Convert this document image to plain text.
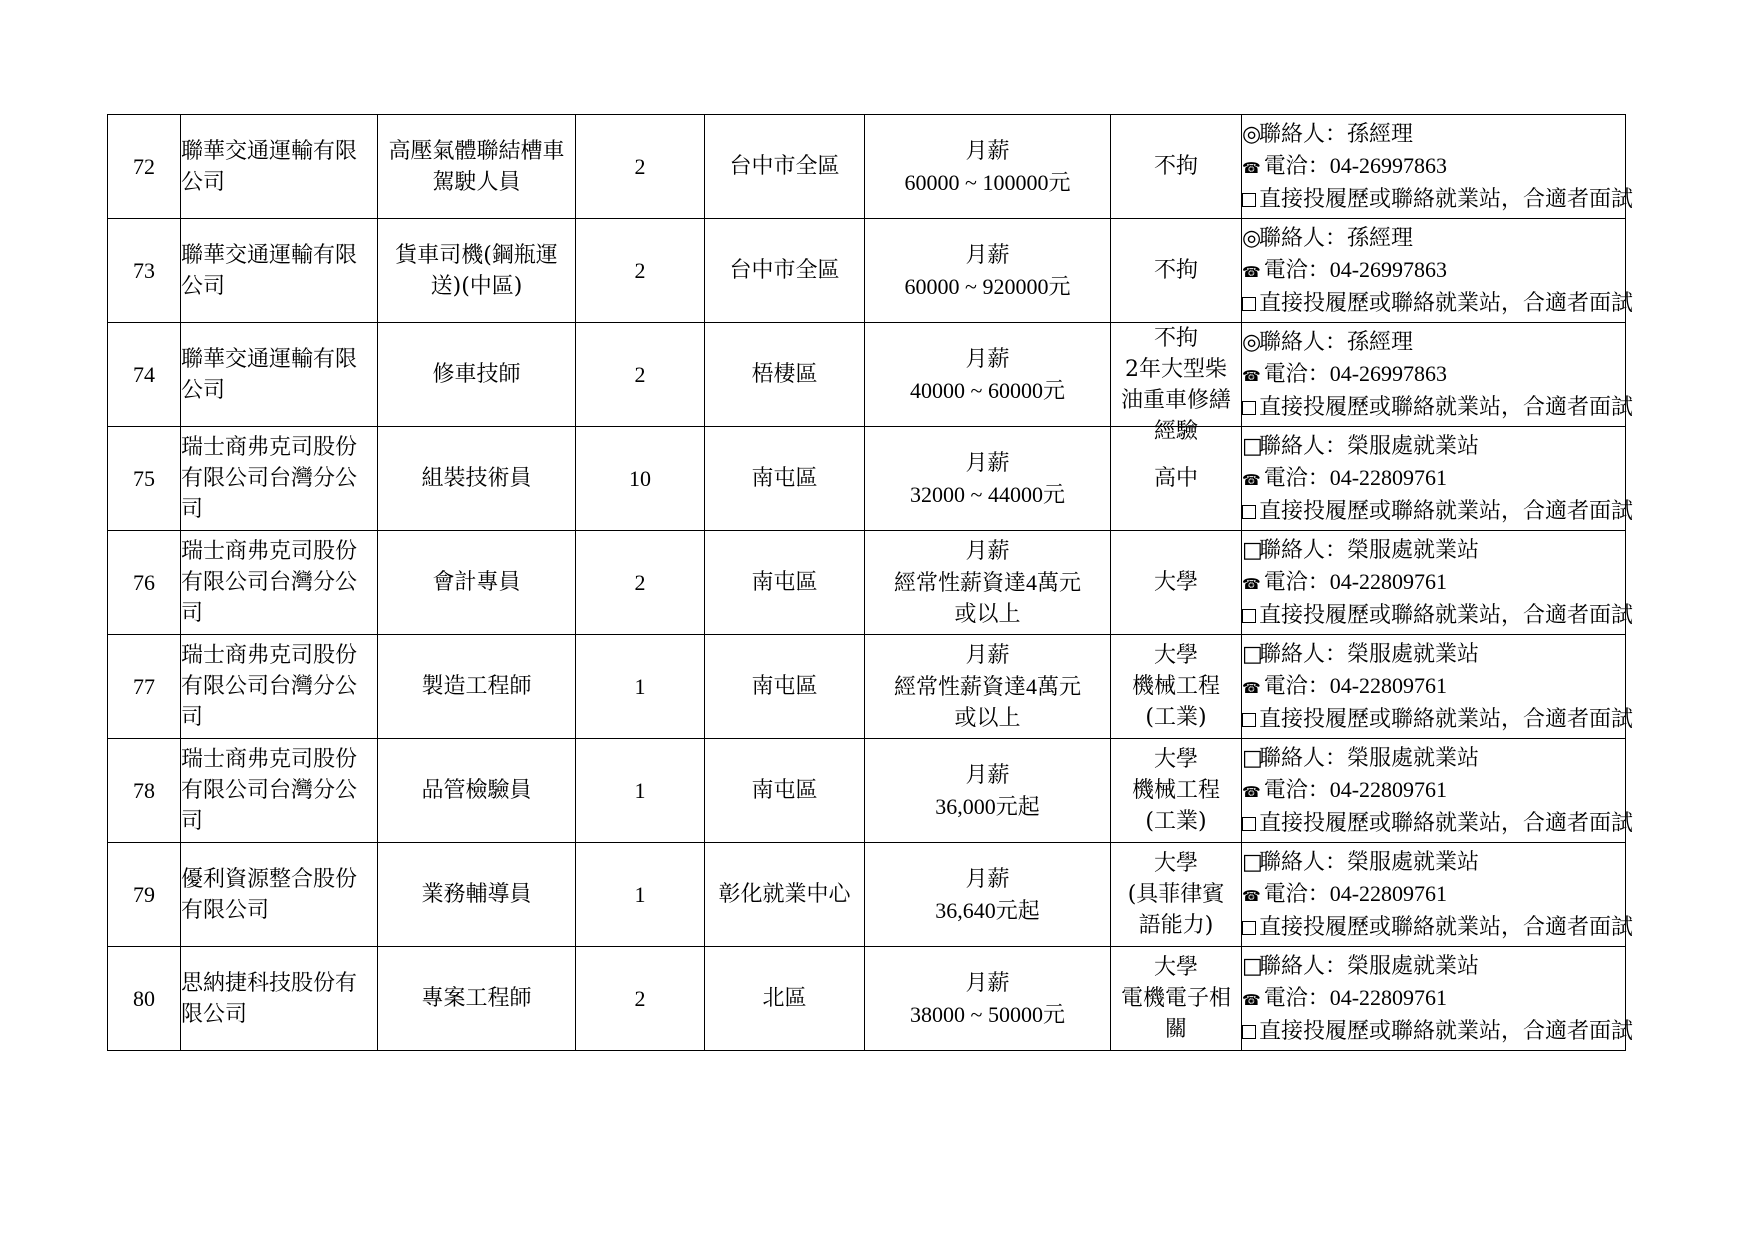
72	聯華交通運輸有限
公司	高壓氣體聯結槽車
駕駛人員	2	台中市全區	月薪
60000 ~ 100000元	不拘	◎聯絡人：孫經理
☎ 電洽：04-26997863
直接投履歷或聯絡就業站，合適者面試

73	聯華交通運輸有限
公司	貨車司機(鋼瓶運
送)(中區)	2	台中市全區	月薪
60000 ~ 920000元	不拘	◎聯絡人：孫經理
☎ 電洽：04-26997863
直接投履歷或聯絡就業站，合適者面試

74	聯華交通運輸有限
公司	修車技師	2	梧棲區	月薪
40000 ~ 60000元	不拘
2年大型柴
油重車修繕
經驗	◎聯絡人：孫經理
☎ 電洽：04-26997863
直接投履歷或聯絡就業站，合適者面試

75	瑞士商弗克司股份
有限公司台灣分公
司	組裝技術員	10	南屯區	月薪
32000 ~ 44000元	高中	□聯絡人：榮服處就業站
☎ 電洽：04-22809761
直接投履歷或聯絡就業站，合適者面試

76	瑞士商弗克司股份
有限公司台灣分公
司	會計專員	2	南屯區	月薪
經常性薪資達4萬元
或以上	大學	□聯絡人：榮服處就業站
☎ 電洽：04-22809761
直接投履歷或聯絡就業站，合適者面試

77	瑞士商弗克司股份
有限公司台灣分公
司	製造工程師	1	南屯區	月薪
經常性薪資達4萬元
或以上	大學
機械工程
(工業)	□聯絡人：榮服處就業站
☎ 電洽：04-22809761
直接投履歷或聯絡就業站，合適者面試

78	瑞士商弗克司股份
有限公司台灣分公
司	品管檢驗員	1	南屯區	月薪
36,000元起	大學
機械工程
(工業)	□聯絡人：榮服處就業站
☎ 電洽：04-22809761
直接投履歷或聯絡就業站，合適者面試

79	優利資源整合股份
有限公司	業務輔導員	1	彰化就業中心	月薪
36,640元起	大學
(具菲律賓
語能力)	□聯絡人：榮服處就業站
☎ 電洽：04-22809761
直接投履歷或聯絡就業站，合適者面試

80	思納捷科技股份有
限公司	專案工程師	2	北區	月薪
38000 ~ 50000元	大學
電機電子相
關	□聯絡人：榮服處就業站
☎ 電洽：04-22809761
直接投履歷或聯絡就業站，合適者面試
